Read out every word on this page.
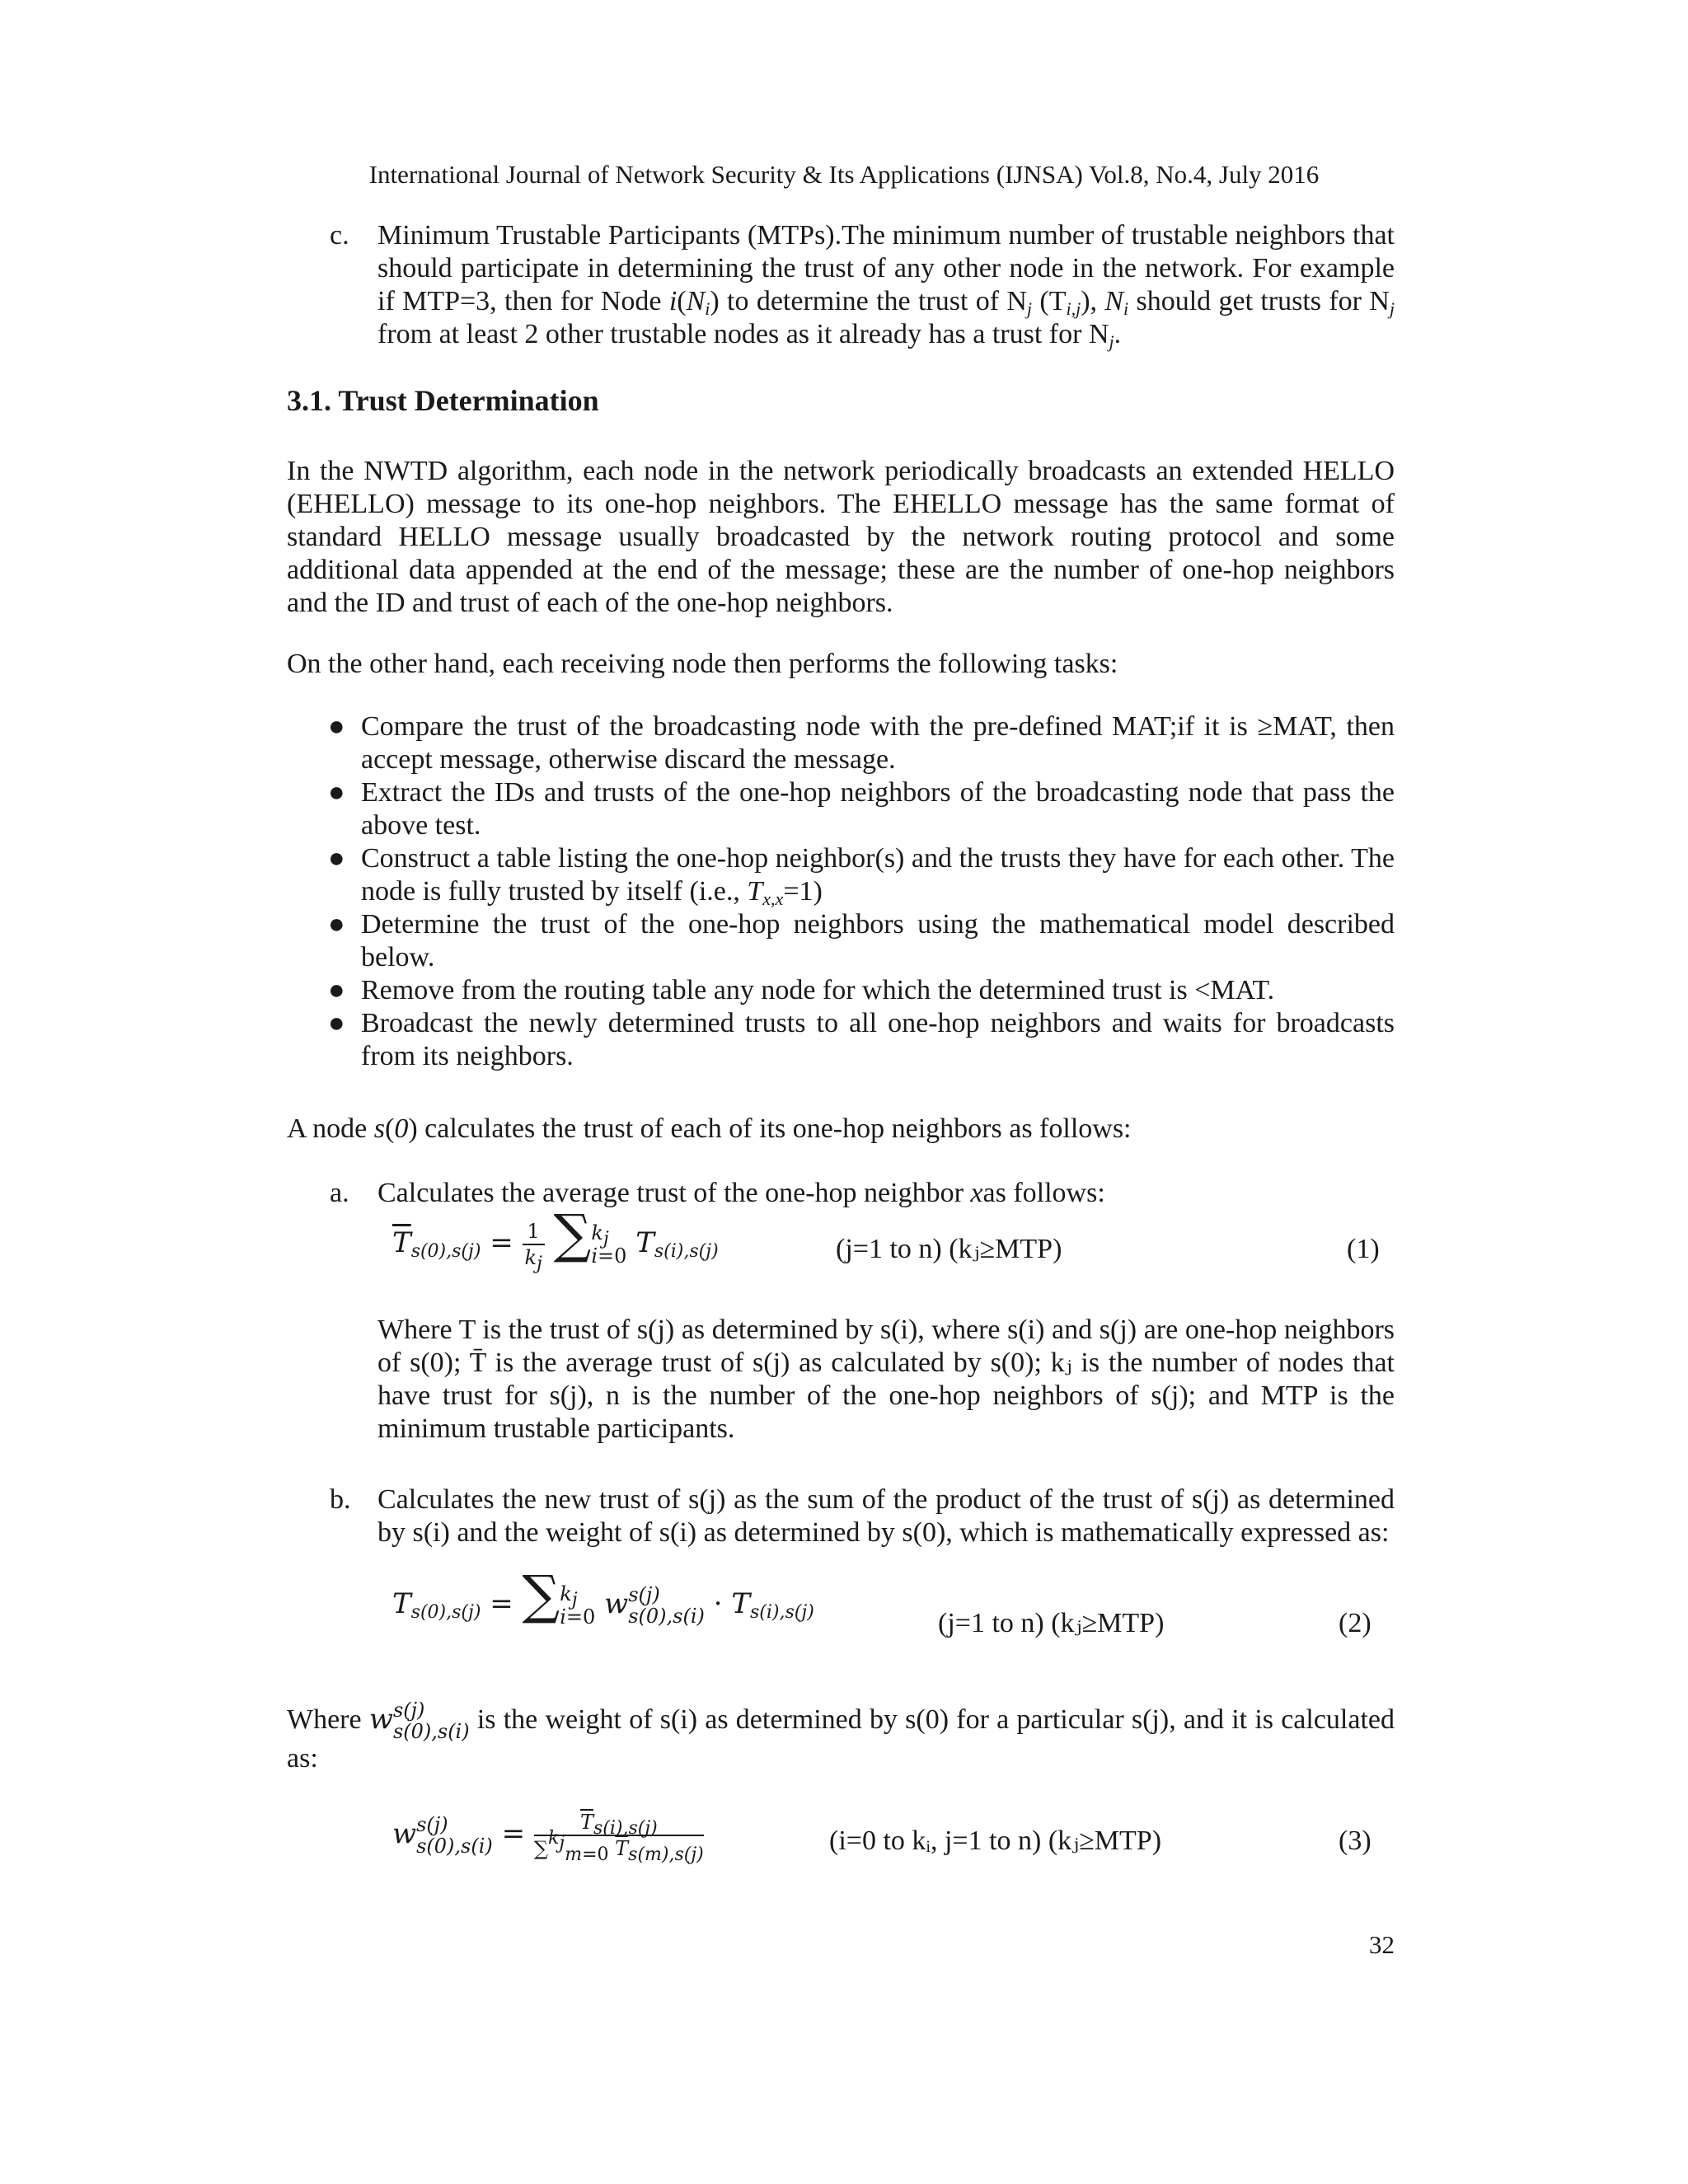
International Journal of Network Security & Its Applications (IJNSA) Vol.8, No.4, July 2016
c. Minimum Trustable Participants (MTPs).The minimum number of trustable neighbors that should participate in determining the trust of any other node in the network. For example if MTP=3, then for Node $i(N_i)$ to determine the trust of $N_j$ $(T_{i,j})$, $N_i$ should get trusts for $N_j$ from at least 2 other trustable nodes as it already has a trust for $N_j$.
3.1. Trust Determination
In the NWTD algorithm, each node in the network periodically broadcasts an extended HELLO (EHELLO) message to its one-hop neighbors. The EHELLO message has the same format of standard HELLO message usually broadcasted by the network routing protocol and some additional data appended at the end of the message; these are the number of one-hop neighbors and the ID and trust of each of the one-hop neighbors.
On the other hand, each receiving node then performs the following tasks:
● Compare the trust of the broadcasting node with the pre-defined MAT;if it is ≥MAT, then accept message, otherwise discard the message.
● Extract the IDs and trusts of the one-hop neighbors of the broadcasting node that pass the above test.
● Construct a table listing the one-hop neighbor(s) and the trusts they have for each other. The node is fully trusted by itself (i.e., $T_{x,x}=1$)
● Determine the trust of the one-hop neighbors using the mathematical model described below.
● Remove from the routing table any node for which the determined trust is <MAT.
● Broadcast the newly determined trusts to all one-hop neighbors and waits for broadcasts from its neighbors.
A node s(0) calculates the trust of each of its one-hop neighbors as follows:
a. Calculates the average trust of the one-hop neighbor xas follows:
$\overline{T}_{s(0),s(j)} = \frac{1}{k_j}$ ∑ $k_j$
i=0 $T_{s(i),s(j)}$	(j=1 to n) (kⱼ≥MTP)	(1)
Where T is the trust of s(j) as determined by s(i), where s(i) and s(j) are one-hop neighbors of s(0); T̄ is the average trust of s(j) as calculated by s(0); kⱼ is the number of nodes that have trust for s(j), n is the number of the one-hop neighbors of s(j); and MTP is the minimum trustable participants.
b. Calculates the new trust of s(j) as the sum of the product of the trust of s(j) as determined by s(i) and the weight of s(i) as determined by s(0), which is mathematically expressed as:
$T_{s(0),s(j)}$ = ∑ $k_j$
i=0 w s(j)
$s(0),s(i) \cdot T_{s(i),s(j)}$	(j=1 to n) (kⱼ≥MTP)	(2)
Where w s(j)
s(0),s(i) is the weight of s(i) as determined by s(0) for a particular s(j), and it is calculated as:
w s(j)
$s(0),s(i) = \frac{\overline{T}_{s(i),s(j)}}{\sum^{k_j}_{m=0} \overline{T}_{s(m),s(j)}}$	(i=0 to kᵢ, j=1 to n) (kⱼ≥MTP)	(3)
32
